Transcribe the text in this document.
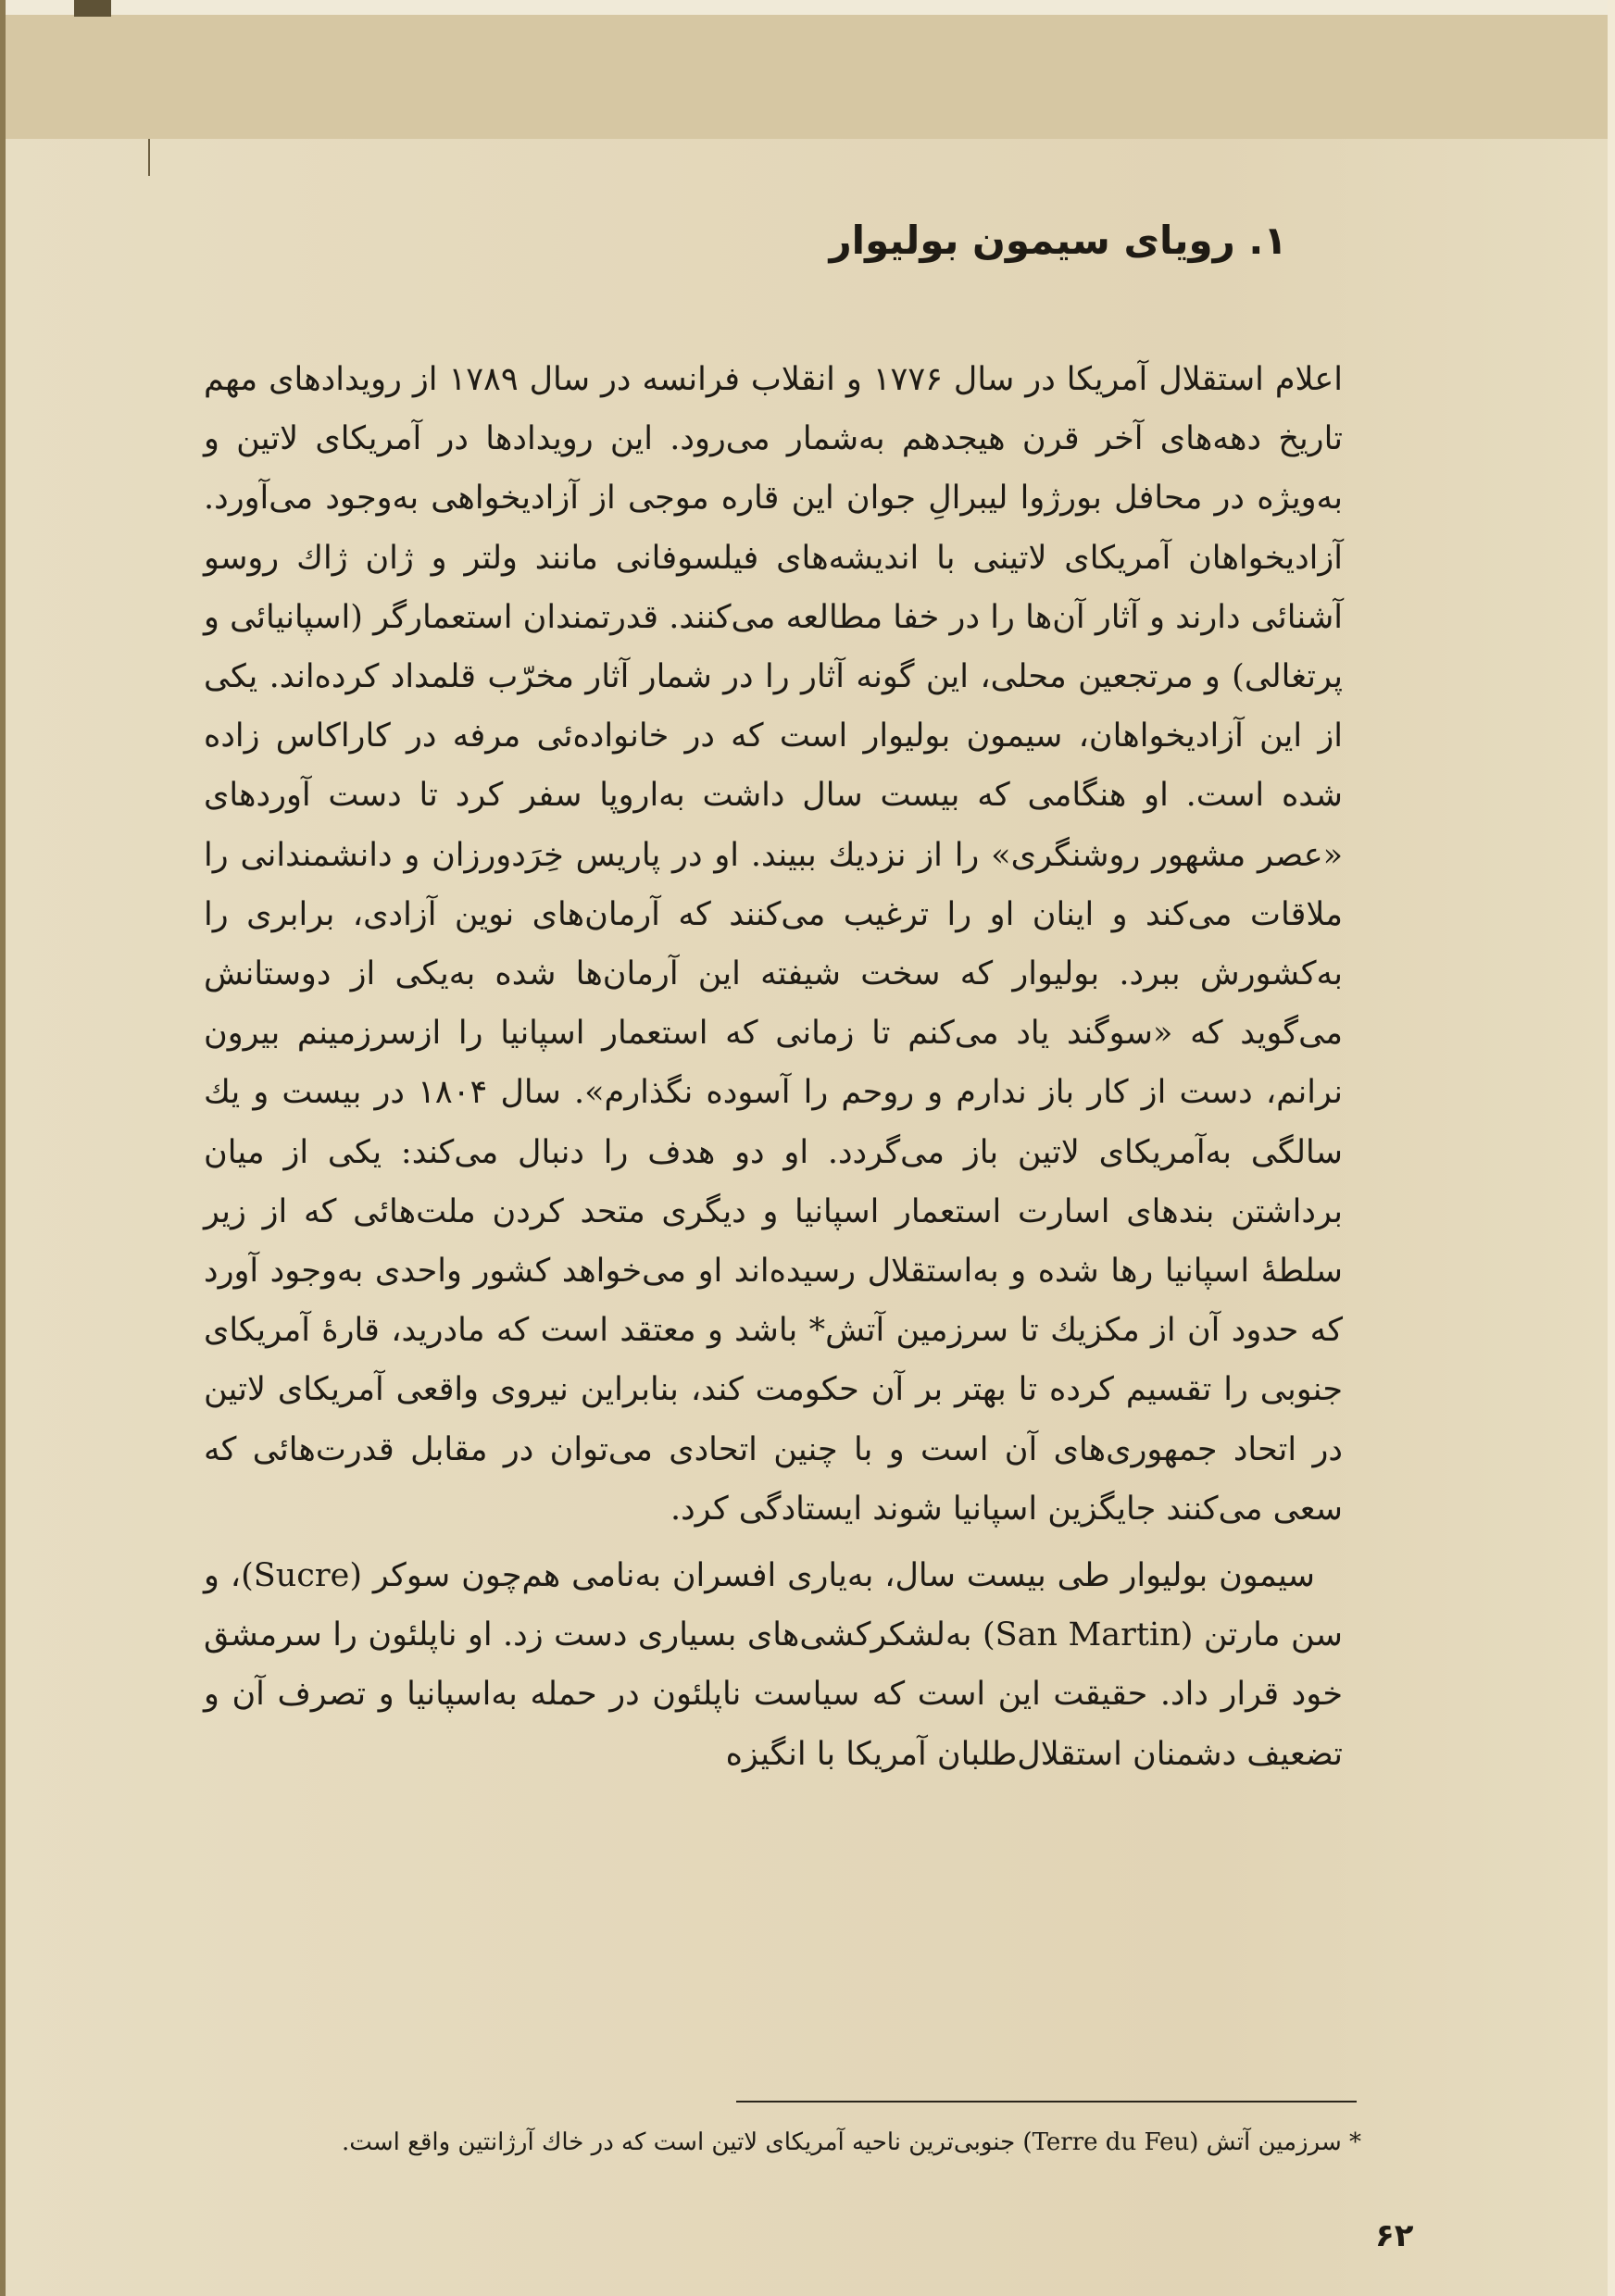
۱. رویای سیمون بولیوار

اعلام استقلال آمریکا در سال ۱۷۷۶ و انقلاب فرانسه در سال ۱۷۸۹ از رویدادهای مهم تاریخ دهه‌های آخر قرن هیجدهم به‌شمار می‌رود. این رویدادها در آمریکای لاتین و به‌ویژه در محافل بورژوا لیبرالِ جوان این قاره موجی از آزادیخواهی به‌وجود می‌آورد. آزادیخواهان آمریکای لاتینی با اندیشه‌های فیلسوفانی مانند ولتر و ژان ژاك روسو آشنائی دارند و آثار آن‌ها را در خفا مطالعه می‌کنند. قدرتمندان استعمارگر (اسپانیائی و پرتغالی) و مرتجعین محلی، این گونه آثار را در شمار آثار مخرّب قلمداد کرده‌اند. یکی از این آزادیخواهان، سیمون بولیوار است که در خانواده‌ئی مرفه در کاراکاس زاده شده است. او هنگامی که بیست سال داشت به‌اروپا سفر کرد تا دست آوردهای «عصر مشهور روشنگری» را از نزدیك ببیند. او در پاریس خِرَدورزان و دانشمندانی را ملاقات می‌کند و اینان او را ترغیب می‌کنند که آرمان‌های نوین آزادی، برابری را به‌کشورش ببرد. بولیوار که سخت شیفته این آرمان‌ها شده به‌یکی از دوستانش می‌گوید که «سوگند یاد می‌کنم تا زمانی که استعمار اسپانیا را ازسرزمینم بیرون نرانم، دست از کار باز ندارم و روحم را آسوده نگذارم». سال ۱۸۰۴ در بیست و یك سالگی به‌آمریکای لاتین باز می‌گردد. او دو هدف را دنبال می‌کند: یکی از میان برداشتن بندهای اسارت استعمار اسپانیا و دیگری متحد کردن ملت‌هائی که از زیر سلطهٔ اسپانیا رها شده و به‌استقلال رسیده‌اند او می‌خواهد کشور واحدی به‌وجود آورد که حدود آن از مکزیك تا سرزمین آتش* باشد و معتقد است که مادرید، قارهٔ آمریکای جنوبی را تقسیم کرده تا بهتر بر آن حکومت کند، بنابراین نیروی واقعی آمریکای لاتین در اتحاد جمهوری‌های آن است و با چنین اتحادی می‌توان در مقابل قدرت‌هائی که سعی می‌کنند جایگزین اسپانیا شوند ایستادگی کرد.

سیمون بولیوار طی بیست سال، به‌یاری افسران به‌نامی هم‌چون سوکر (Sucre)، و سن مارتن (San Martin) به‌لشکرکشی‌های بسیاری دست زد. او ناپلئون را سرمشق خود قرار داد. حقیقت این است که سیاست ناپلئون در حمله به‌اسپانیا و تصرف آن و تضعیف دشمنان استقلال‌طلبان آمریکا با انگیزه

* سرزمین آتش (Terre du Feu) جنوبی‌ترین ناحیه آمریکای لاتین است که در خاك آرژانتین واقع است.

۶۲
